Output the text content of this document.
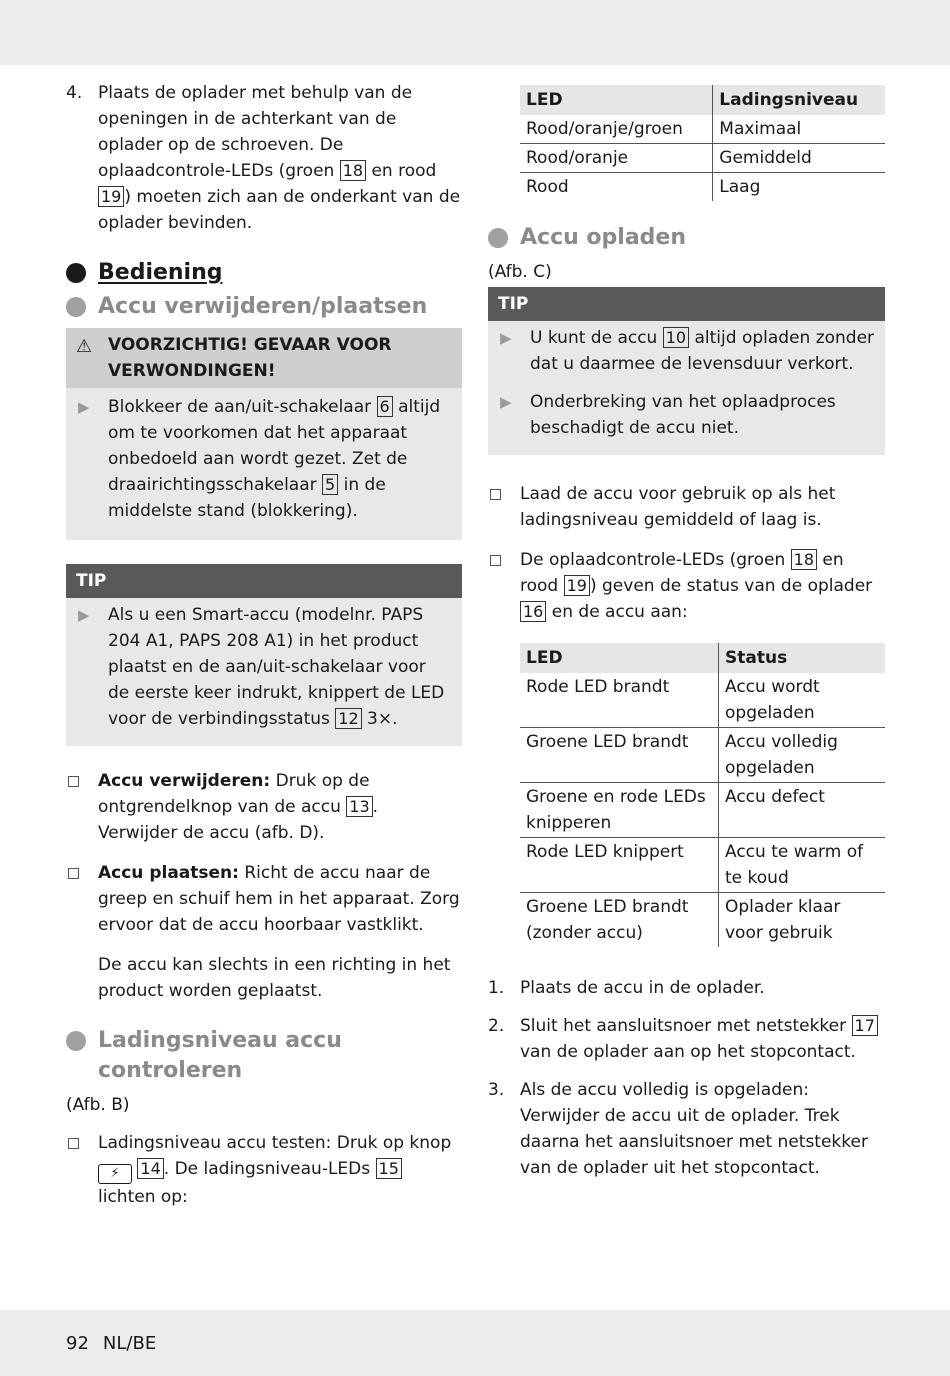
4. Plaats de oplader met behulp van de openingen in de achterkant van de oplader op de schroeven. De oplaadcontrole-LEDs (groen 18 en rood 19 ) moeten zich aan de onderkant van de oplader bevinden.
Bediening
Accu verwijderen/plaatsen
⚠ VOORZICHTIG! GEVAAR VOOR VERWONDINGEN!
▶ Blokkeer de aan/uit-schakelaar 6 altijd om te voorkomen dat het apparaat onbedoeld aan wordt gezet. Zet de draairichtingsschakelaar 5 in de middelste stand (blokkering).
TIP
▶ Als u een Smart-accu (modelnr. PAPS 204 A1, PAPS 208 A1) in het product plaatst en de aan/uit-schakelaar voor de eerste keer indrukt, knippert de LED voor de verbindingsstatus 12 3×.
Accu verwijderen: Druk op de ontgrendelknop van de accu 13 . Verwijder de accu (afb. D).
Accu plaatsen: Richt de accu naar de greep en schuif hem in het apparaat. Zorg ervoor dat de accu hoorbaar vastklikt.
De accu kan slechts in een richting in het product worden geplaatst.
Ladingsniveau accu controleren
(Afb. B)
Ladingsniveau accu testen: Druk op knop ⚡ 14 . De ladingsniveau-LEDs 15 lichten op:
LED	Ladingsniveau
Rood/oranje/groen	Maximaal
Rood/oranje	Gemiddeld
Rood	Laag
Accu opladen
(Afb. C)
TIP
▶ U kunt de accu 10 altijd opladen zonder dat u daarmee de levensduur verkort.
▶ Onderbreking van het oplaadproces beschadigt de accu niet.
Laad de accu voor gebruik op als het ladingsniveau gemiddeld of laag is.
De oplaadcontrole-LEDs (groen 18 en rood 19 ) geven de status van de oplader 16 en de accu aan:
LED	Status
Rode LED brandt	Accu wordt opgeladen
Groene LED brandt	Accu volledig opgeladen
Groene en rode LEDs knipperen	Accu defect
Rode LED knippert	Accu te warm of te koud
Groene LED brandt (zonder accu)	Oplader klaar voor gebruik
1. Plaats de accu in de oplader.
2. Sluit het aansluitsnoer met netstekker 17 van de oplader aan op het stopcontact.
3. Als de accu volledig is opgeladen: Verwijder de accu uit de oplader. Trek daarna het aansluitsnoer met netstekker van de oplader uit het stopcontact.
92 NL/BE
